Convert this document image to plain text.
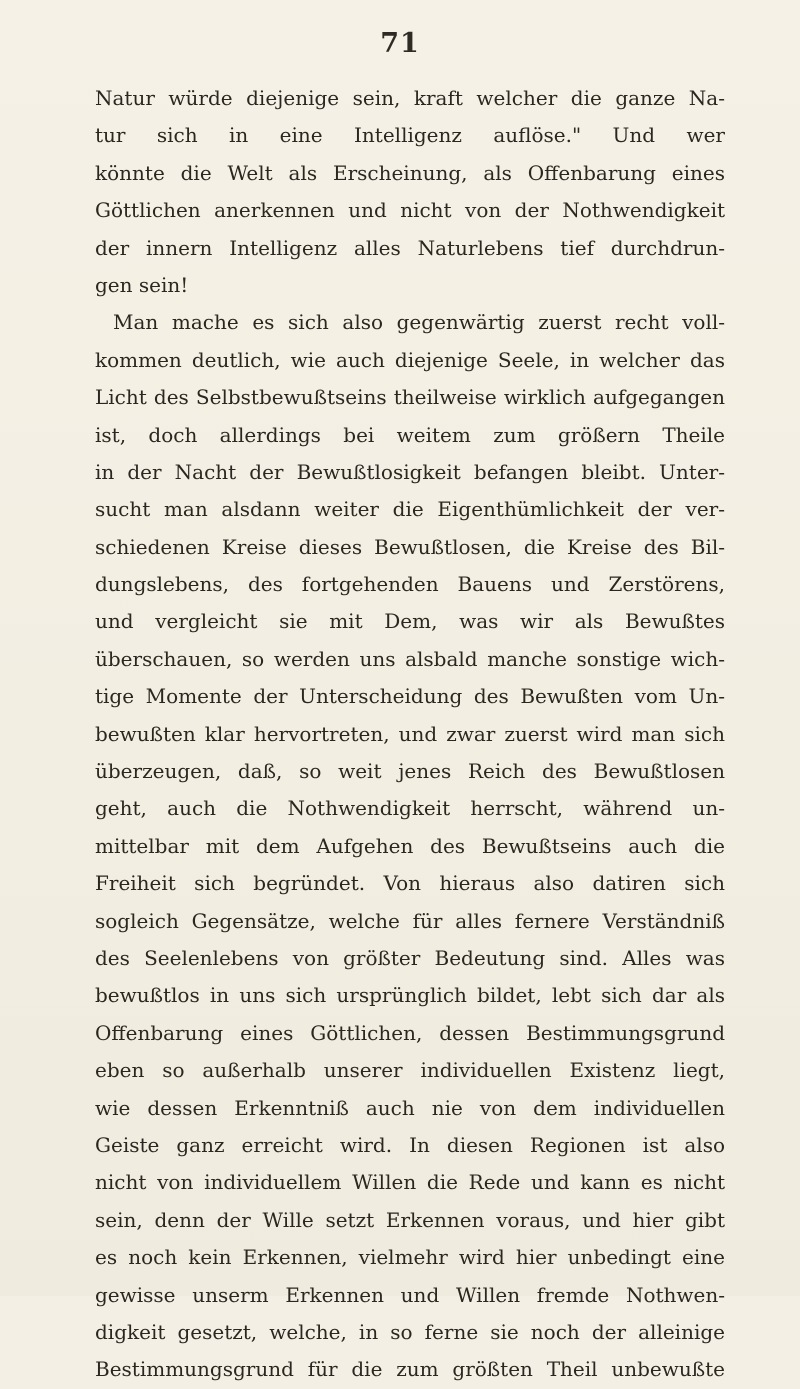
71
Natur würde diejenige sein, kraft welcher die ganze Na-
tur sich in eine Intelligenz auflöse." Und wer
könnte die Welt als Erscheinung, als Offenbarung eines
Göttlichen anerkennen und nicht von der Nothwendigkeit
der innern Intelligenz alles Naturlebens tief durchdrun-
gen sein!
Man mache es sich also gegenwärtig zuerst recht voll-
kommen deutlich, wie auch diejenige Seele, in welcher das
Licht des Selbstbewußtseins theilweise wirklich aufgegangen
ist, doch allerdings bei weitem zum größern Theile
in der Nacht der Bewußtlosigkeit befangen bleibt. Unter-
sucht man alsdann weiter die Eigenthümlichkeit der ver-
schiedenen Kreise dieses Bewußtlosen, die Kreise des Bil-
dungslebens, des fortgehenden Bauens und Zerstörens,
und vergleicht sie mit Dem, was wir als Bewußtes
überschauen, so werden uns alsbald manche sonstige wich-
tige Momente der Unterscheidung des Bewußten vom Un-
bewußten klar hervortreten, und zwar zuerst wird man sich
überzeugen, daß, so weit jenes Reich des Bewußtlosen
geht, auch die Nothwendigkeit herrscht, während un-
mittelbar mit dem Aufgehen des Bewußtseins auch die
Freiheit sich begründet. Von hieraus also datiren sich
sogleich Gegensätze, welche für alles fernere Verständniß
des Seelenlebens von größter Bedeutung sind. Alles was
bewußtlos in uns sich ursprünglich bildet, lebt sich dar als
Offenbarung eines Göttlichen, dessen Bestimmungsgrund
eben so außerhalb unserer individuellen Existenz liegt,
wie dessen Erkenntniß auch nie von dem individuellen
Geiste ganz erreicht wird. In diesen Regionen ist also
nicht von individuellem Willen die Rede und kann es nicht
sein, denn der Wille setzt Erkennen voraus, und hier gibt
es noch kein Erkennen, vielmehr wird hier unbedingt eine
gewisse unserm Erkennen und Willen fremde Nothwen-
digkeit gesetzt, welche, in so ferne sie noch der alleinige
Bestimmungsgrund für die zum größten Theil unbewußte
